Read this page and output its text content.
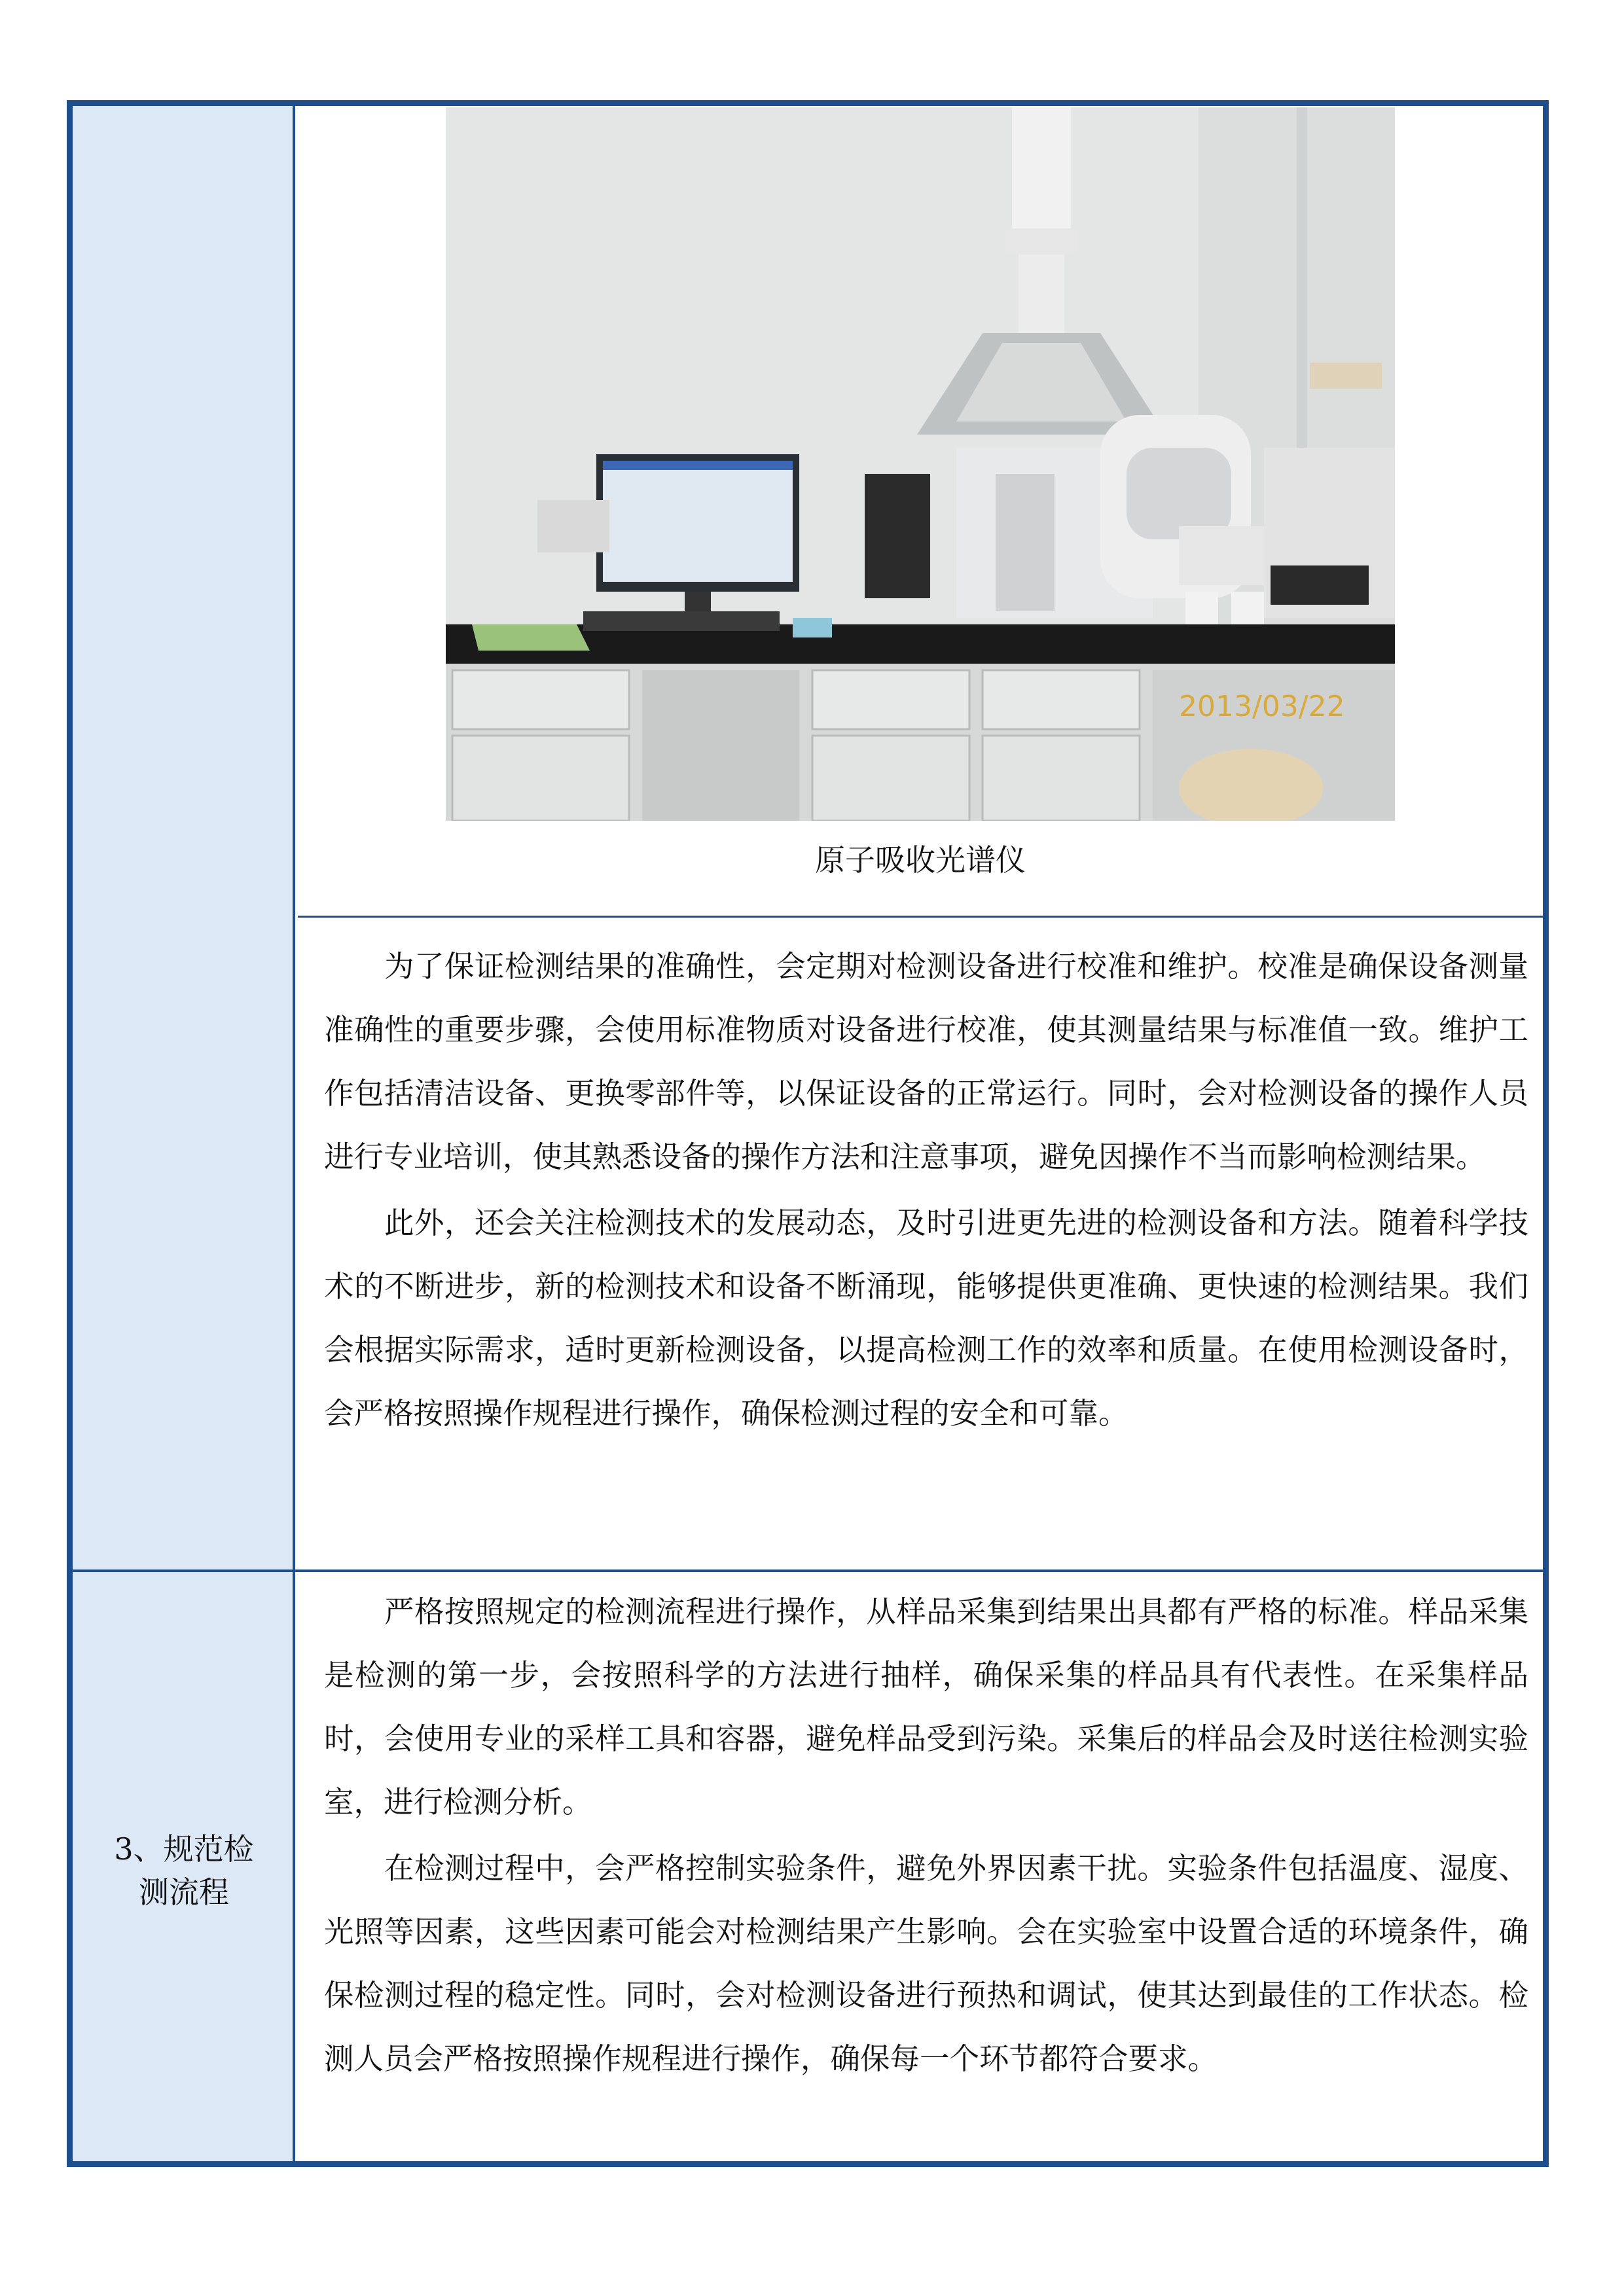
3、规范检
测流程
2013/03/22
原子吸收光谱仪

为了保证检测结果的准确性，会定期对检测设备进行校准和维护。校准是确保设备测量准确性的重要步骤，会使用标准物质对设备进行校准，使其测量结果与标准值一致。维护工作包括清洁设备、更换零部件等，以保证设备的正常运行。同时，会对检测设备的操作人员进行专业培训，使其熟悉设备的操作方法和注意事项，避免因操作不当而影响检测结果。

此外，还会关注检测技术的发展动态，及时引进更先进的检测设备和方法。随着科学技术的不断进步，新的检测技术和设备不断涌现，能够提供更准确、更快速的检测结果。我们会根据实际需求，适时更新检测设备，以提高检测工作的效率和质量。在使用检测设备时，会严格按照操作规程进行操作，确保检测过程的安全和可靠。

严格按照规定的检测流程进行操作，从样品采集到结果出具都有严格的标准。样品采集是检测的第一步，会按照科学的方法进行抽样，确保采集的样品具有代表性。在采集样品时，会使用专业的采样工具和容器，避免样品受到污染。采集后的样品会及时送往检测实验室，进行检测分析。

在检测过程中，会严格控制实验条件，避免外界因素干扰。实验条件包括温度、湿度、光照等因素，这些因素可能会对检测结果产生影响。会在实验室中设置合适的环境条件，确保检测过程的稳定性。同时，会对检测设备进行预热和调试，使其达到最佳的工作状态。检测人员会严格按照操作规程进行操作，确保每一个环节都符合要求。
